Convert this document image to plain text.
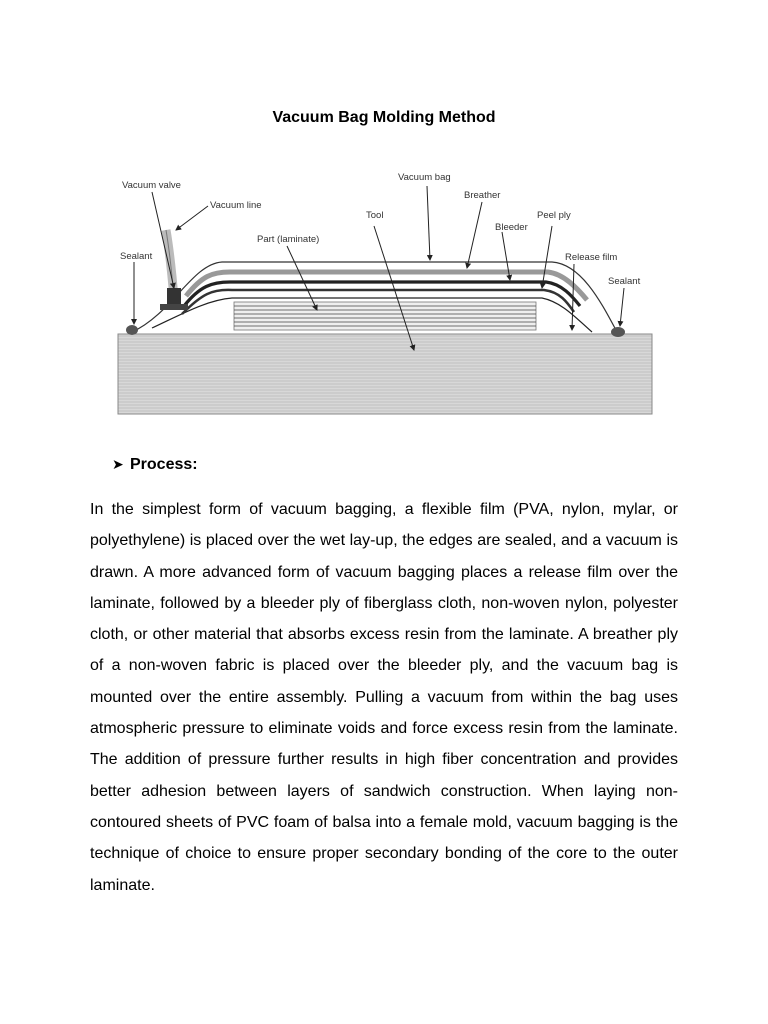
Vacuum Bag Molding Method
Vacuum valve
Vacuum line
Sealant
Part (laminate)
Tool
Vacuum bag
Breather
Bleeder
Peel ply
Release film
Sealant
➤ Process:

In the simplest form of vacuum bagging, a flexible film (PVA, nylon, mylar, or polyethylene) is placed over the wet lay-up, the edges are sealed, and a vacuum is drawn. A more advanced form of vacuum bagging places a release film over the laminate, followed by a bleeder ply of fiberglass cloth, non-woven nylon, polyester cloth, or other material that absorbs excess resin from the laminate. A breather ply of a non-woven fabric is placed over the bleeder ply, and the vacuum bag is mounted over the entire assembly. Pulling a vacuum from within the bag uses atmospheric pressure to eliminate voids and force excess resin from the laminate. The addition of pressure further results in high fiber concentration and provides better adhesion between layers of sandwich construction. When laying non-contoured sheets of PVC foam of balsa into a female mold, vacuum bagging is the technique of choice to ensure proper secondary bonding of the core to the outer laminate.
